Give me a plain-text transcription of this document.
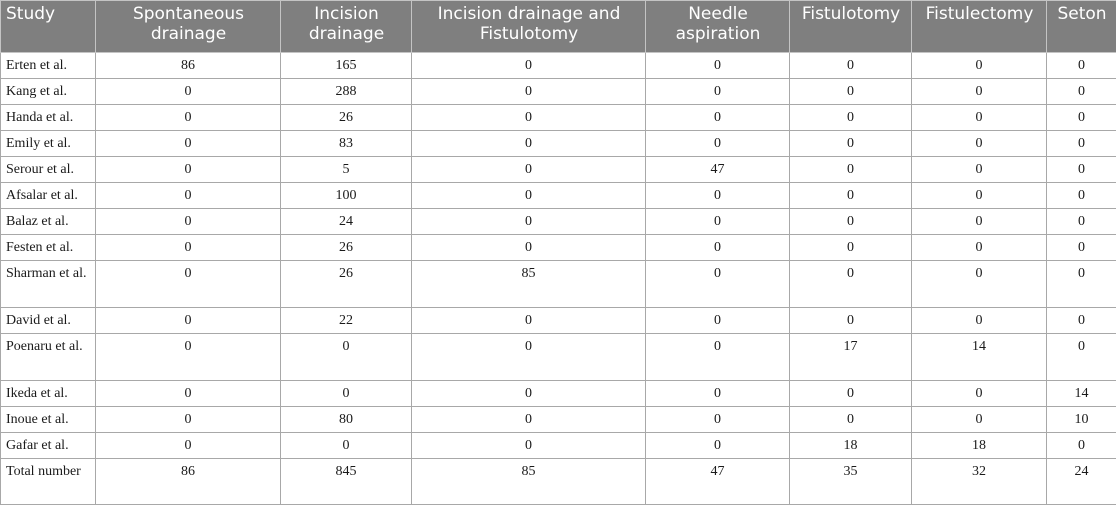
Study	Spontaneous drainage	Incision drainage	Incision drainage and Fistulotomy	Needle aspiration	Fistulotomy	Fistulectomy	Seton
Erten et al.	86	165	0	0	0	0	0
Kang et al.	0	288	0	0	0	0	0
Handa et al.	0	26	0	0	0	0	0
Emily et al.	0	83	0	0	0	0	0
Serour et al.	0	5	0	47	0	0	0
Afsalar et al.	0	100	0	0	0	0	0
Balaz et al.	0	24	0	0	0	0	0
Festen et al.	0	26	0	0	0	0	0
Sharman et al.	0	26	85	0	0	0	0
David et al.	0	22	0	0	0	0	0
Poenaru et al.	0	0	0	0	17	14	0
Ikeda et al.	0	0	0	0	0	0	14
Inoue et al.	0	80	0	0	0	0	10
Gafar et al.	0	0	0	0	18	18	0
Total number	86	845	85	47	35	32	24
